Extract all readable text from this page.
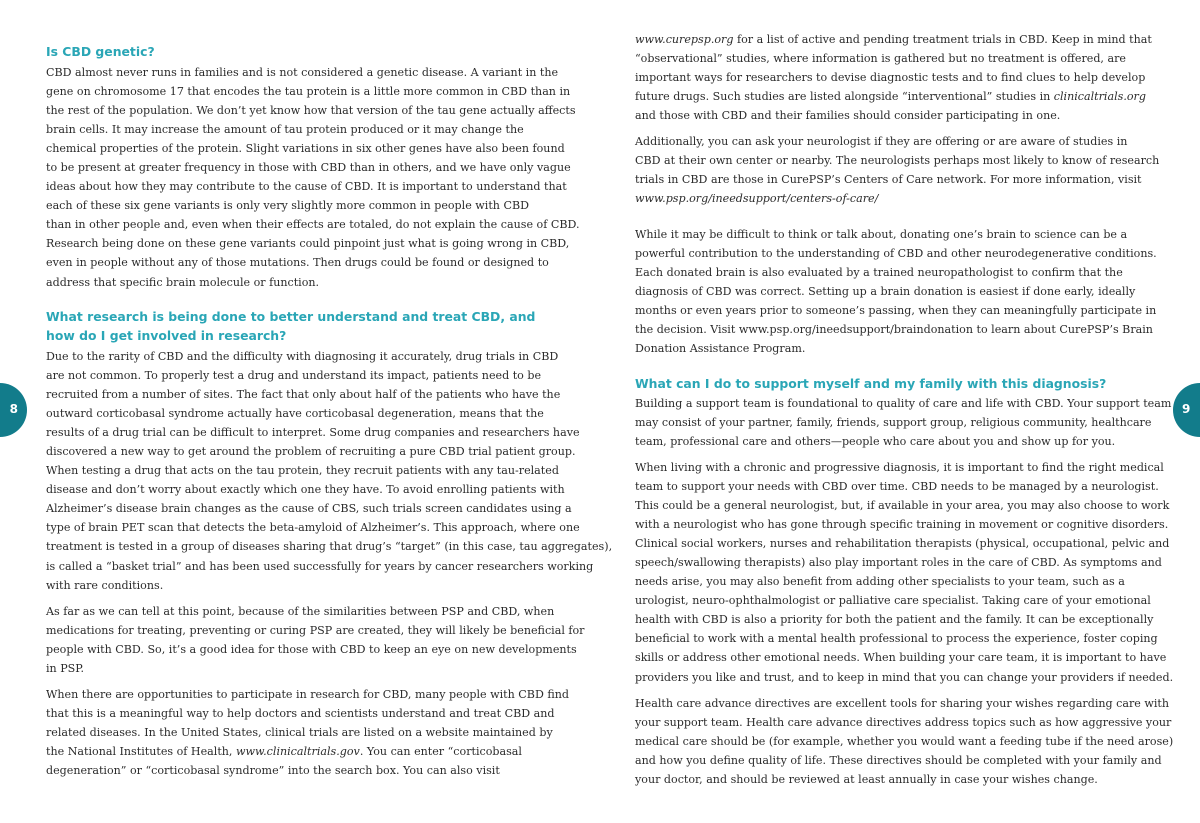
8	9
Is CBD genetic?

CBD almost never runs in families and is not considered a genetic disease. A variant in the
gene on chromosome 17 that encodes the tau protein is a little more common in CBD than in
the rest of the population. We don’t yet know how that version of the tau gene actually affects
brain cells. It may increase the amount of tau protein produced or it may change the
chemical properties of the protein. Slight variations in six other genes have also been found
to be present at greater frequency in those with CBD than in others, and we have only vague
ideas about how they may contribute to the cause of CBD. It is important to understand that
each of these six gene variants is only very slightly more common in people with CBD
than in other people and, even when their effects are totaled, do not explain the cause of CBD.
Research being done on these gene variants could pinpoint just what is going wrong in CBD,
even in people without any of those mutations. Then drugs could be found or designed to
address that specific brain molecule or function.

What research is being done to better understand and treat CBD, and
how do I get involved in research?

Due to the rarity of CBD and the difficulty with diagnosing it accurately, drug trials in CBD
are not common. To properly test a drug and understand its impact, patients need to be
recruited from a number of sites. The fact that only about half of the patients who have the
outward corticobasal syndrome actually have corticobasal degeneration, means that the
results of a drug trial can be difficult to interpret. Some drug companies and researchers have
discovered a new way to get around the problem of recruiting a pure CBD trial patient group.
When testing a drug that acts on the tau protein, they recruit patients with any tau-related
disease and don’t worry about exactly which one they have. To avoid enrolling patients with
Alzheimer’s disease brain changes as the cause of CBS, such trials screen candidates using a
type of brain PET scan that detects the beta-amyloid of Alzheimer’s. This approach, where one
treatment is tested in a group of diseases sharing that drug’s “target” (in this case, tau aggregates),
is called a “basket trial” and has been used successfully for years by cancer researchers working
with rare conditions.

As far as we can tell at this point, because of the similarities between PSP and CBD, when
medications for treating, preventing or curing PSP are created, they will likely be beneficial for
people with CBD. So, it’s a good idea for those with CBD to keep an eye on new developments
in PSP.

When there are opportunities to participate in research for CBD, many people with CBD find
that this is a meaningful way to help doctors and scientists understand and treat CBD and
related diseases. In the United States, clinical trials are listed on a website maintained by
the National Institutes of Health, www.clinicaltrials.gov. You can enter “corticobasal
degeneration” or “corticobasal syndrome” into the search box. You can also visit

www.curepsp.org for a list of active and pending treatment trials in CBD. Keep in mind that
“observational” studies, where information is gathered but no treatment is offered, are
important ways for researchers to devise diagnostic tests and to find clues to help develop
future drugs. Such studies are listed alongside “interventional” studies in clinicaltrials.org
and those with CBD and their families should consider participating in one.

Additionally, you can ask your neurologist if they are offering or are aware of studies in
CBD at their own center or nearby. The neurologists perhaps most likely to know of research
trials in CBD are those in CurePSP’s Centers of Care network. For more information, visit
www.psp.org/ineedsupport/centers-of-care/

While it may be difficult to think or talk about, donating one’s brain to science can be a
powerful contribution to the understanding of CBD and other neurodegenerative conditions.
Each donated brain is also evaluated by a trained neuropathologist to confirm that the
diagnosis of CBD was correct. Setting up a brain donation is easiest if done early, ideally
months or even years prior to someone’s passing, when they can meaningfully participate in
the decision. Visit www.psp.org/ineedsupport/braindonation to learn about CurePSP’s Brain
Donation Assistance Program.

What can I do to support myself and my family with this diagnosis?

Building a support team is foundational to quality of care and life with CBD. Your support team
may consist of your partner, family, friends, support group, religious community, healthcare
team, professional care and others—people who care about you and show up for you.

When living with a chronic and progressive diagnosis, it is important to find the right medical
team to support your needs with CBD over time. CBD needs to be managed by a neurologist.
This could be a general neurologist, but, if available in your area, you may also choose to work
with a neurologist who has gone through specific training in movement or cognitive disorders.
Clinical social workers, nurses and rehabilitation therapists (physical, occupational, pelvic and
speech/swallowing therapists) also play important roles in the care of CBD. As symptoms and
needs arise, you may also benefit from adding other specialists to your team, such as a
urologist, neuro-ophthalmologist or palliative care specialist. Taking care of your emotional
health with CBD is also a priority for both the patient and the family. It can be exceptionally
beneficial to work with a mental health professional to process the experience, foster coping
skills or address other emotional needs. When building your care team, it is important to have
providers you like and trust, and to keep in mind that you can change your providers if needed.

Health care advance directives are excellent tools for sharing your wishes regarding care with
your support team. Health care advance directives address topics such as how aggressive your
medical care should be (for example, whether you would want a feeding tube if the need arose)
and how you define quality of life. These directives should be completed with your family and
your doctor, and should be reviewed at least annually in case your wishes change.
